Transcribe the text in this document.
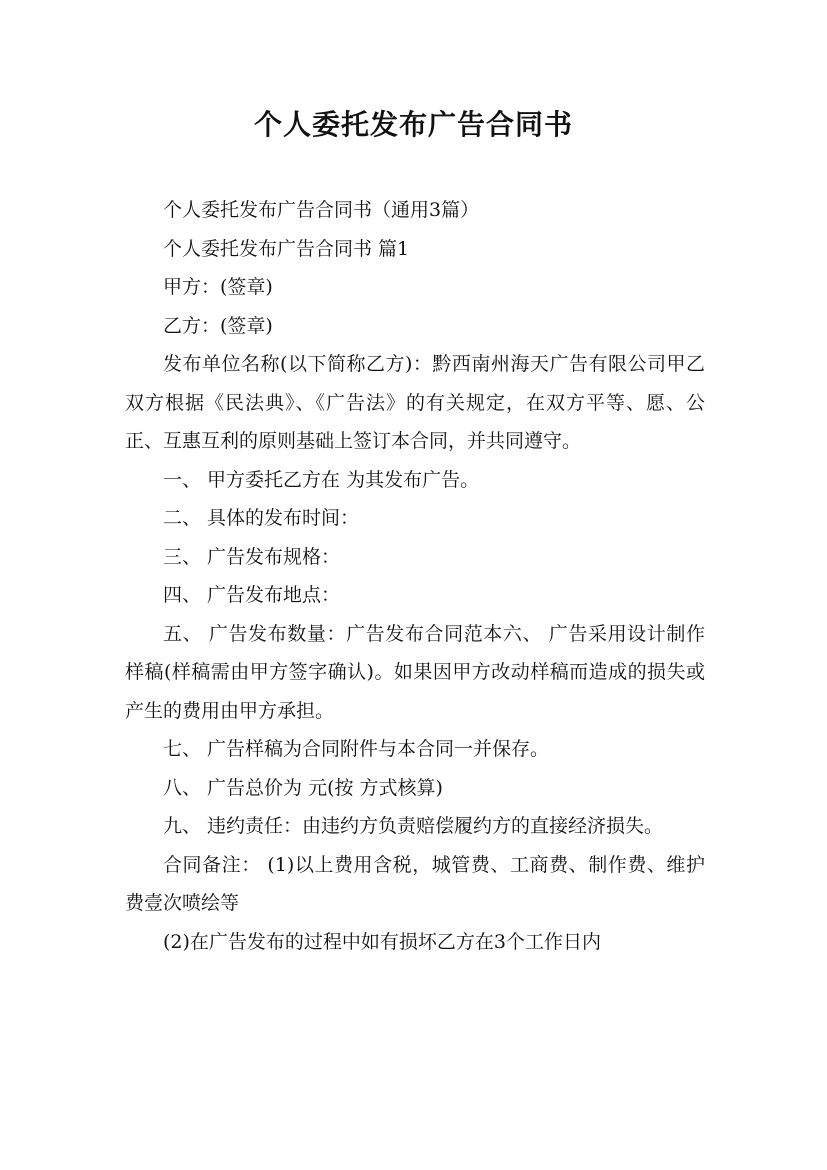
个人委托发布广告合同书

个人委托发布广告合同书（通用3篇）

个人委托发布广告合同书 篇1

甲方：(签章)

乙方：(签章)

发布单位名称(以下简称乙方)：黔西南州海天广告有限公司甲乙双方根据《民法典》、《广告法》的有关规定，在双方平等、愿、公正、互惠互利的原则基础上签订本合同，并共同遵守。

一、 甲方委托乙方在 为其发布广告。

二、 具体的发布时间：

三、 广告发布规格：

四、 广告发布地点：

五、 广告发布数量：广告发布合同范本六、 广告采用设计制作样稿(样稿需由甲方签字确认)。如果因甲方改动样稿而造成的损失或产生的费用由甲方承担。

七、 广告样稿为合同附件与本合同一并保存。

八、 广告总价为 元(按 方式核算)

九、 违约责任：由违约方负责赔偿履约方的直接经济损失。

合同备注： (1)以上费用含税，城管费、工商费、制作费、维护费壹次喷绘等

(2)在广告发布的过程中如有损坏乙方在3个工作日内
